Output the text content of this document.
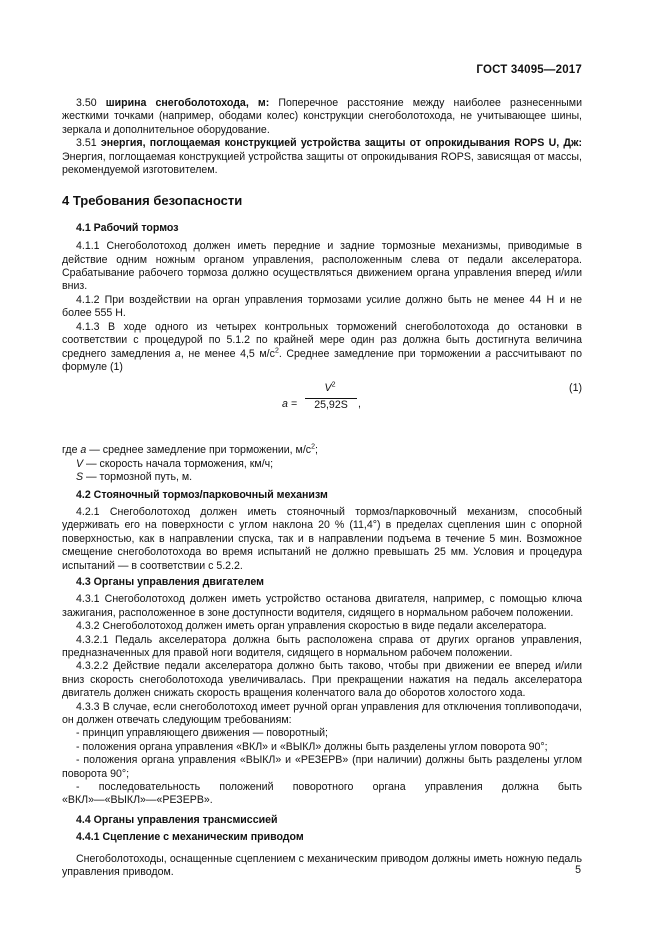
ГОСТ 34095—2017

3.50 ширина снегоболотохода, м: Поперечное расстояние между наиболее разнесенными жесткими точками (например, ободами колес) конструкции снегоболотохода, не учитывающее шины, зеркала и дополнительное оборудование.

3.51 энергия, поглощаемая конструкцией устройства защиты от опрокидывания ROPS U, Дж: Энергия, поглощаемая конструкцией устройства защиты от опрокидывания ROPS, зависящая от массы, рекомендуемой изготовителем.

4 Требования безопасности
4.1 Рабочий тормоз

4.1.1 Снегоболотоход должен иметь передние и задние тормозные механизмы, приводимые в действие одним ножным органом управления, расположенным слева от педали акселератора. Срабатывание рабочего тормоза должно осуществляться движением органа управления вперед и/или вниз.

4.1.2 При воздействии на орган управления тормозами усилие должно быть не менее 44 Н и не более 555 Н.

4.1.3 В ходе одного из четырех контрольных торможений снегоболотохода до остановки в соответствии с процедурой по 5.1.2 по крайней мере один раз должна быть достигнута величина среднего замедления a, не менее 4,5 $м/с^2$. Среднее замедление при торможении a рассчитывают по формуле (1)

a =
$V^2$
25,92S ,
(1)

где a — среднее замедление при торможении, $м/с^2$;

V — скорость начала торможения, км/ч;

S — тормозной путь, м.

4.2 Стояночный тормоз/парковочный механизм

4.2.1 Снегоболотоход должен иметь стояночный тормоз/парковочный механизм, способный удерживать его на поверхности с углом наклона 20 % (11,4°) в пределах сцепления шин с опорной поверхностью, как в направлении спуска, так и в направлении подъема в течение 5 мин. Возможное смещение снегоболотохода во время испытаний не должно превышать 25 мм. Условия и процедура испытаний — в соответствии с 5.2.2.

4.3 Органы управления двигателем

4.3.1 Снегоболотоход должен иметь устройство останова двигателя, например, с помощью ключа зажигания, расположенное в зоне доступности водителя, сидящего в нормальном рабочем положении.

4.3.2 Снегоболотоход должен иметь орган управления скоростью в виде педали акселератора.

4.3.2.1 Педаль акселератора должна быть расположена справа от других органов управления, предназначенных для правой ноги водителя, сидящего в нормальном рабочем положении.

4.3.2.2 Действие педали акселератора должно быть таково, чтобы при движении ее вперед и/или вниз скорость снегоболотохода увеличивалась. При прекращении нажатия на педаль акселератора двигатель должен снижать скорость вращения коленчатого вала до оборотов холостого хода.

4.3.3 В случае, если снегоболотоход имеет ручной орган управления для отключения топливоподачи, он должен отвечать следующим требованиям:

- принцип управляющего движения — поворотный;

- положения органа управления «ВКЛ» и «ВЫКЛ» должны быть разделены углом поворота 90°;

- положения органа управления «ВЫКЛ» и «РЕЗЕРВ» (при наличии) должны быть разделены углом поворота 90°;

- последовательность положений поворотного органа управления должна быть

«ВКЛ»—«ВЫКЛ»—«РЕЗЕРВ».

4.4 Органы управления трансмиссией
4.4.1 Сцепление с механическим приводом

Снегоболотоходы, оснащенные сцеплением с механическим приводом должны иметь ножную педаль управления приводом.	5
